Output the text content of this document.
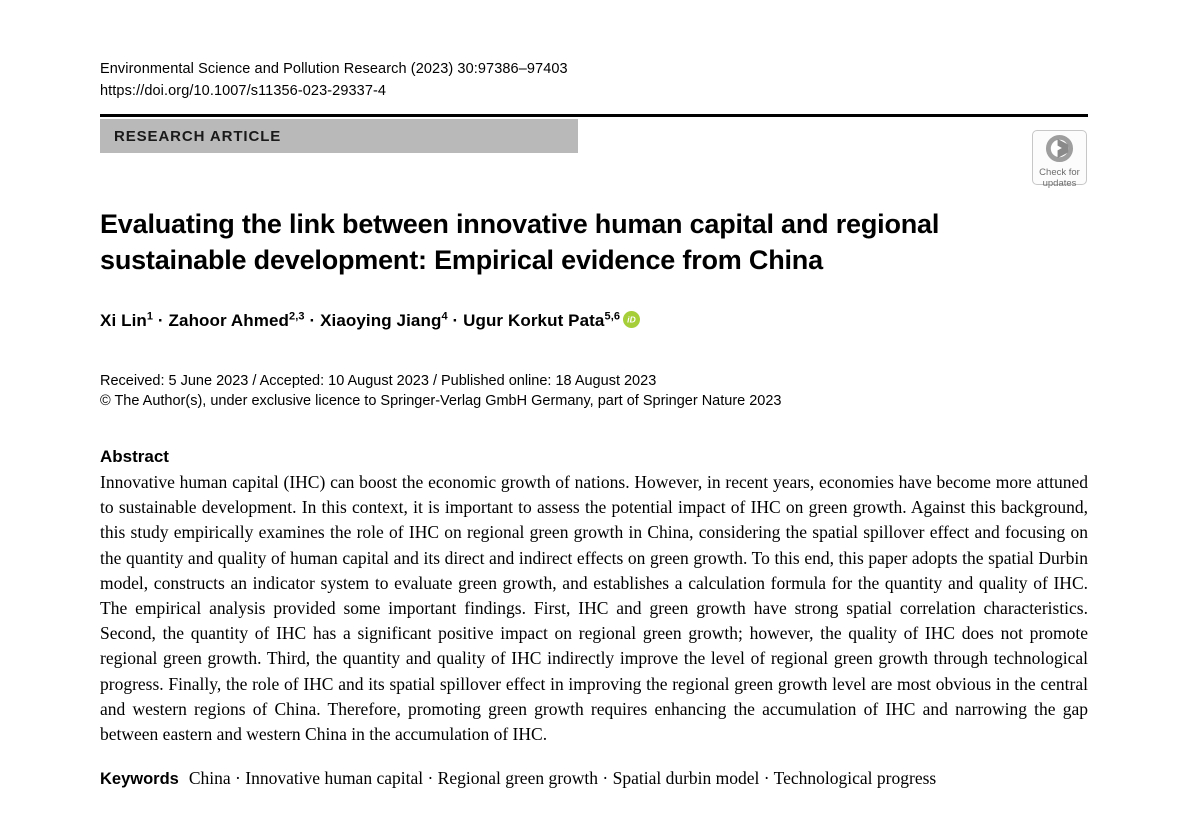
Environmental Science and Pollution Research (2023) 30:97386–97403
https://doi.org/10.1007/s11356-023-29337-4
RESEARCH ARTICLE
Evaluating the link between innovative human capital and regional sustainable development: Empirical evidence from China
Xi Lin$^1$ · Zahoor Ahmed$^{2,3}$ · Xiaoying Jiang$^4$ · Ugur Korkut Pata$^{5,6}$ iD
Received: 5 June 2023 / Accepted: 10 August 2023 / Published online: 18 August 2023
© The Author(s), under exclusive licence to Springer-Verlag GmbH Germany, part of Springer Nature 2023
Abstract
Innovative human capital (IHC) can boost the economic growth of nations. However, in recent years, economies have become more attuned to sustainable development. In this context, it is important to assess the potential impact of IHC on green growth. Against this background, this study empirically examines the role of IHC on regional green growth in China, considering the spatial spillover effect and focusing on the quantity and quality of human capital and its direct and indirect effects on green growth. To this end, this paper adopts the spatial Durbin model, constructs an indicator system to evaluate green growth, and establishes a calculation formula for the quantity and quality of IHC. The empirical analysis provided some important findings. First, IHC and green growth have strong spatial correlation characteristics. Second, the quantity of IHC has a significant positive impact on regional green growth; however, the quality of IHC does not promote regional green growth. Third, the quantity and quality of IHC indirectly improve the level of regional green growth through technological progress. Finally, the role of IHC and its spatial spillover effect in improving the regional green growth level are most obvious in the central and western regions of China. Therefore, promoting green growth requires enhancing the accumulation of IHC and narrowing the gap between eastern and western China in the accumulation of IHC.
Keywords China · Innovative human capital · Regional green growth · Spatial durbin model · Technological progress
Check for
updates
